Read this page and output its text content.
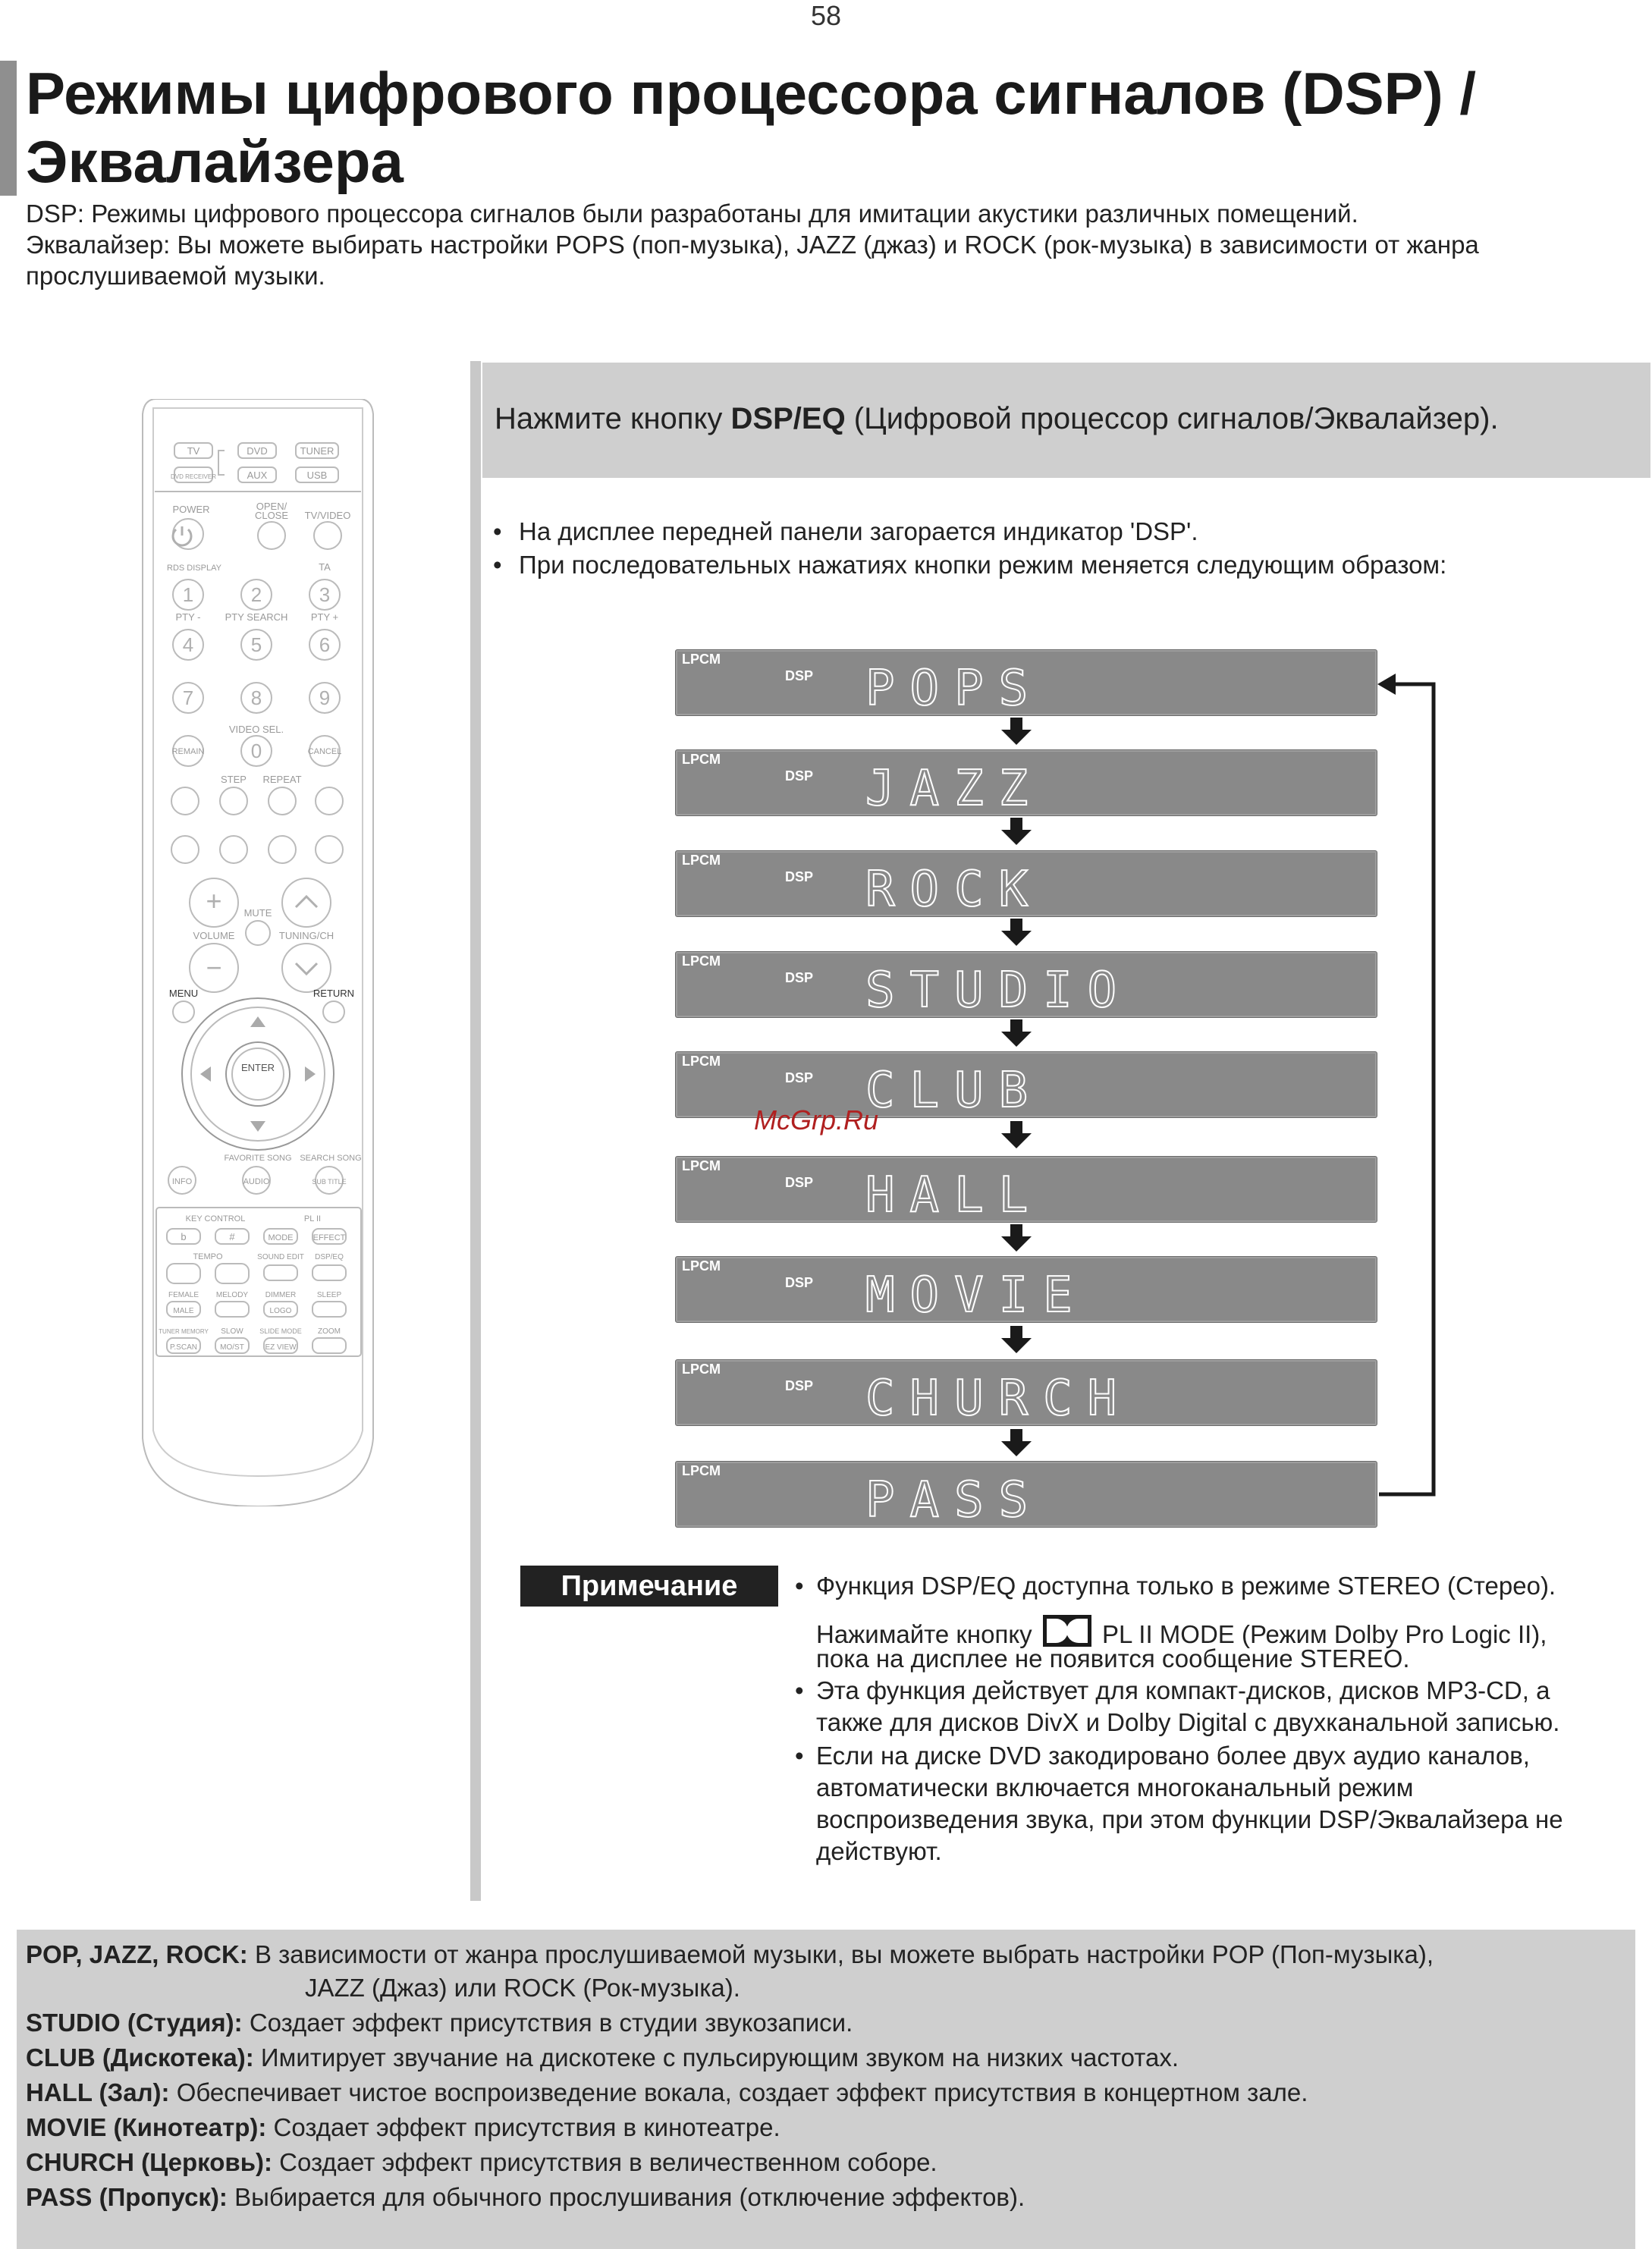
58
Режимы цифрового процессора сигналов (DSP) /
Эквалайзера
DSP: Режимы цифрового процессора сигналов были разработаны для имитации акустики различных помещений.
Эквалайзер: Вы можете выбирать настройки POPS (поп-музыка), JAZZ (джаз) и ROCK (рок-музыка) в зависимости от жанра
прослушиваемой музыки.
TV	DVD	TUNER
DVD RECEIVER	AUX	USB
POWER	OPEN/
CLOSE TV/VIDEO
RDS DISPLAY	TA
PTY - PTY SEARCH PTY +
VIDEO SEL.
REMAIN	CANCEL
STEP REPEAT
MUTE
VOLUME	TUNING/CH
MENU	RETURN
ENTER
FAVORITE SONG SEARCH SONG
INFO	AUDIO	SUB TITLE
KEY CONTROL	PL II
b	#	MODE EFFECT
TEMPO	SOUND EDIT DSP/EQ
FEMALE MELODY DIMMER	SLEEP
MALE	LOGO
TUNER MEMORY SLOW SLIDE MODE ZOOM
P.SCAN	MO/ST	EZ VIEW
1	2	3
4	5	6
7	8	9
0
+
−
Нажмите кнопку DSP/EQ (Цифровой процессор сигналов/Эквалайзер).
• На дисплее передней панели загорается индикатор 'DSP'.
• При последовательных нажатиях кнопки режим меняется следующим образом:
LPCM
DSP POPS
LPCM
DSP JAZZ
LPCM
DSP ROCK
LPCM
DSP STUDIO
LPCM
DSP CLUB
LPCM
DSP HALL
LPCM
DSP MOVIE
LPCM
DSP CHURCH
LPCM
PASS
McGrp.Ru
Примечание
•	Функция DSP/EQ доступна только в режиме STEREO (Стерео).
Нажимайте кнопку	PL II MODE (Режим Dolby Pro Logic II),
пока на дисплее не появится сообщение STEREO.
• Эта функция действует для компакт-дисков, дисков MP3-CD, а
также для дисков DivX и Dolby Digital с двухканальной записью.
• Если на диске DVD закодировано более двух аудио каналов,
автоматически включается многоканальный режим
воспроизведения звука, при этом функции DSP/Эквалайзера не
действуют.
POP, JAZZ, ROCK: В зависимости от жанра прослушиваемой музыки, вы можете выбрать настройки POP (Поп-музыка),
JAZZ (Джаз) или ROCK (Рок-музыка).
STUDIO (Студия): Создает эффект присутствия в студии звукозаписи.
CLUB (Дискотека): Имитирует звучание на дискотеке с пульсирующим звуком на низких частотах.
HALL (Зал): Обеспечивает чистое воспроизведение вокала, создает эффект присутствия в концертном зале.
MOVIE (Кинотеатр): Создает эффект присутствия в кинотеатре.
CHURCH (Церковь): Создает эффект присутствия в величественном соборе.
PASS (Пропуск): Выбирается для обычного прослушивания (отключение эффектов).
